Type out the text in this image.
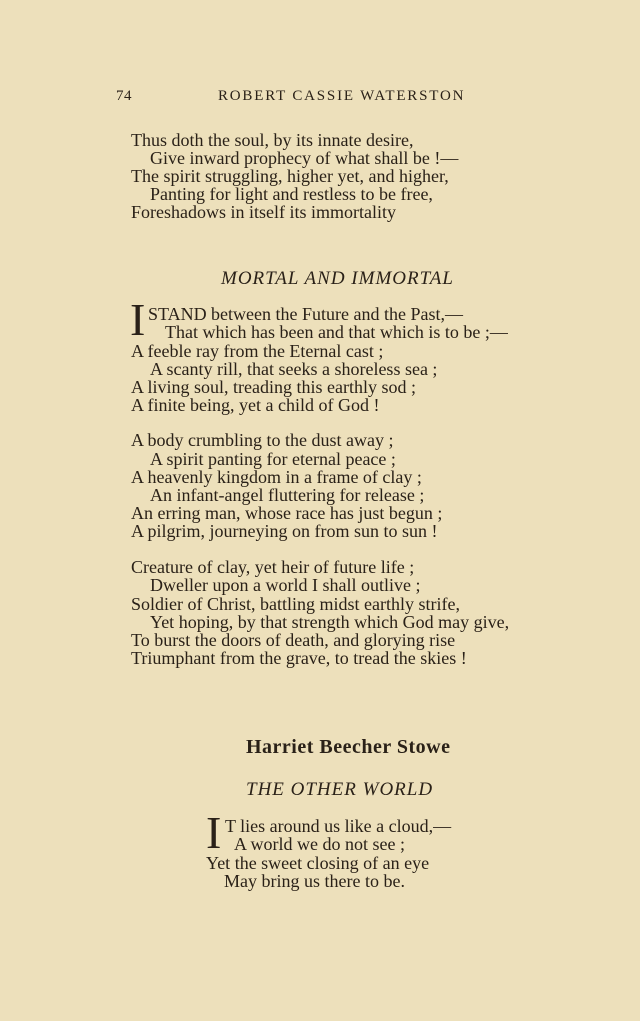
74	ROBERT CASSIE WATERSTON
Thus doth the soul, by its innate desire,
Give inward prophecy of what shall be !—
The spirit struggling, higher yet, and higher,
Panting for light and restless to be free,
Foreshadows in itself its immortality
MORTAL AND IMMORTAL
I STAND between the Future and the Past,—
That which has been and that which is to be ;—
A feeble ray from the Eternal cast ;
A scanty rill, that seeks a shoreless sea ;
A living soul, treading this earthly sod ;
A finite being, yet a child of God !
A body crumbling to the dust away ;
A spirit panting for eternal peace ;
A heavenly kingdom in a frame of clay ;
An infant-angel fluttering for release ;
An erring man, whose race has just begun ;
A pilgrim, journeying on from sun to sun !
Creature of clay, yet heir of future life ;
Dweller upon a world I shall outlive ;
Soldier of Christ, battling midst earthly strife,
Yet hoping, by that strength which God may give,
To burst the doors of death, and glorying rise
Triumphant from the grave, to tread the skies !
Harriet Beecher Stowe
THE OTHER WORLD
I T lies around us like a cloud,—
A world we do not see ;
Yet the sweet closing of an eye
May bring us there to be.
